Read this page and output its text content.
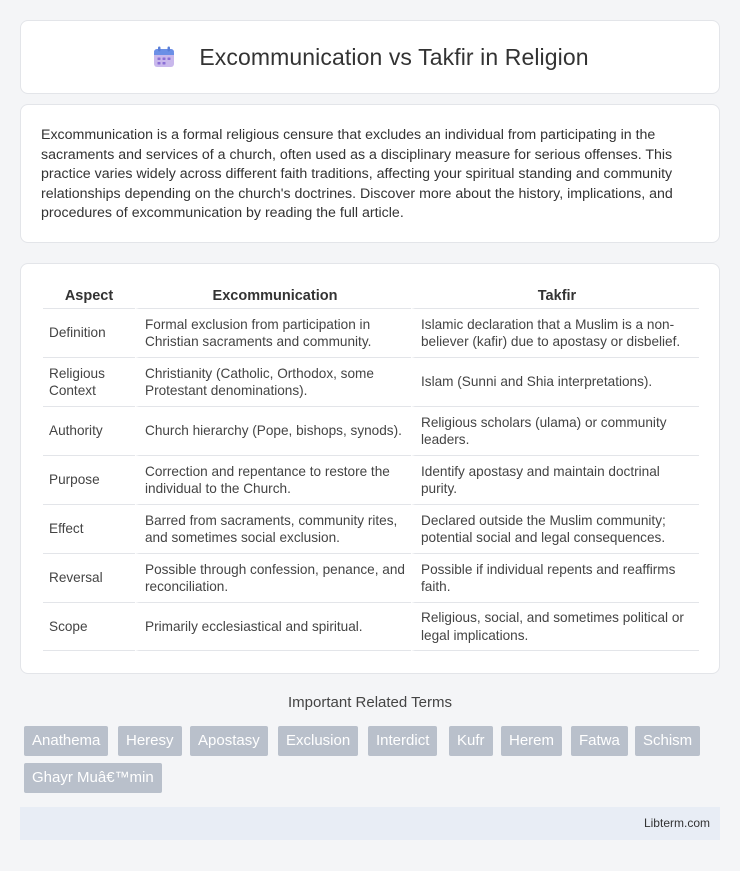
Excommunication vs Takfir in Religion

Excommunication is a formal religious censure that excludes an individual from participating in the sacraments and services of a church, often used as a disciplinary measure for serious offenses. This practice varies widely across different faith traditions, affecting your spiritual standing and community relationships depending on the church's doctrines. Discover more about the history, implications, and procedures of excommunication by reading the full article.

Aspect	Excommunication	Takfir
Definition	Formal exclusion from participation in Christian sacraments and community.	Islamic declaration that a Muslim is a non-believer (kafir) due to apostasy or disbelief.
Religious Context	Christianity (Catholic, Orthodox, some Protestant denominations).	Islam (Sunni and Shia interpretations).
Authority	Church hierarchy (Pope, bishops, synods).	Religious scholars (ulama) or community leaders.
Purpose	Correction and repentance to restore the individual to the Church.	Identify apostasy and maintain doctrinal purity.
Effect	Barred from sacraments, community rites, and sometimes social exclusion.	Declared outside the Muslim community; potential social and legal consequences.
Reversal	Possible through confession, penance, and reconciliation.	Possible if individual repents and reaffirms faith.
Scope	Primarily ecclesiastical and spiritual.	Religious, social, and sometimes political or legal implications.
Important Related Terms
Anathema	Heresy	Apostasy	Exclusion	Interdict	Kufr	Herem	Fatwa	Schism
Ghayr Muâ€™min
Libterm.com
